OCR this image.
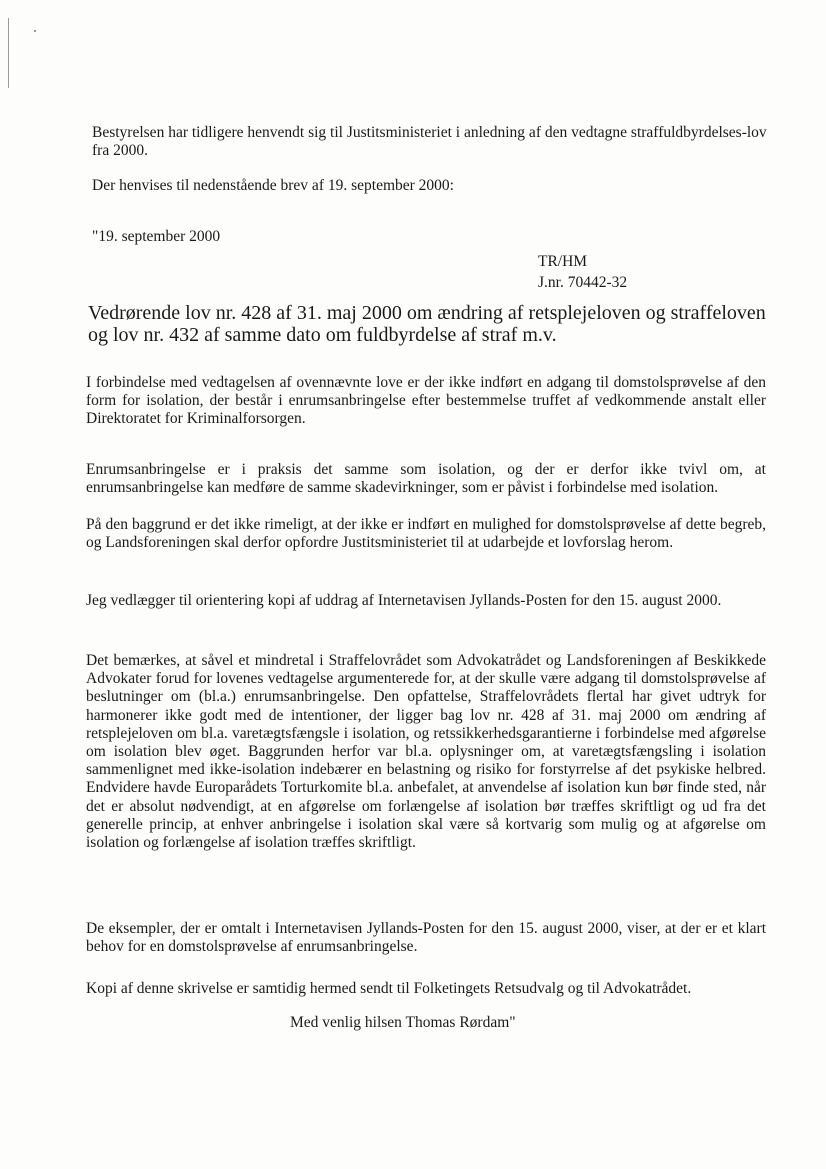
Bestyrelsen har tidligere henvendt sig til Justitsministeriet i anledning af den vedtagne straffuldbyrdelses-lov fra 2000.

Der henvises til nedenstående brev af 19. september 2000:

"19. september 2000

TR/HM

J.nr. 70442-32

Vedrørende lov nr. 428 af 31. maj 2000 om ændring af retsplejeloven og straffeloven og lov nr. 432 af samme dato om fuldbyrdelse af straf m.v.

I forbindelse med vedtagelsen af ovennævnte love er der ikke indført en adgang til domstolsprøvelse af den form for isolation, der består i enrumsanbringelse efter bestemmelse truffet af vedkommende anstalt eller Direktoratet for Kriminalforsorgen.

Enrumsanbringelse er i praksis det samme som isolation, og der er derfor ikke tvivl om, at enrumsanbringelse kan medføre de samme skadevirkninger, som er påvist i forbindelse med isolation.

På den baggrund er det ikke rimeligt, at der ikke er indført en mulighed for domstolsprøvelse af dette begreb, og Landsforeningen skal derfor opfordre Justitsministeriet til at udarbejde et lovforslag herom.

Jeg vedlægger til orientering kopi af uddrag af Internetavisen Jyllands-Posten for den 15. august 2000.

Det bemærkes, at såvel et mindretal i Straffelovrådet som Advokatrådet og Landsforeningen af Beskikkede Advokater forud for lovenes vedtagelse argumenterede for, at der skulle være adgang til domstolsprøvelse af beslutninger om (bl.a.) enrumsanbringelse. Den opfattelse, Straffelovrådets flertal har givet udtryk for harmonerer ikke godt med de intentioner, der ligger bag lov nr. 428 af 31. maj 2000 om ændring af retsplejeloven om bl.a. varetægtsfængsle i isolation, og retssikkerhedsgarantierne i forbindelse med afgørelse om isolation blev øget. Baggrunden herfor var bl.a. oplysninger om, at varetægtsfængsling i isolation sammenlignet med ikke-isolation indebærer en belastning og risiko for forstyrrelse af det psykiske helbred. Endvidere havde Europarådets Torturkomite bl.a. anbefalet, at anvendelse af isolation kun bør finde sted, når det er absolut nødvendigt, at en afgørelse om forlængelse af isolation bør træffes skriftligt og ud fra det generelle princip, at enhver anbringelse i isolation skal være så kortvarig som mulig og at afgørelse om isolation og forlængelse af isolation træffes skriftligt.

De eksempler, der er omtalt i Internetavisen Jyllands-Posten for den 15. august 2000, viser, at der er et klart behov for en domstolsprøvelse af enrumsanbringelse.

Kopi af denne skrivelse er samtidig hermed sendt til Folketingets Retsudvalg og til Advokatrådet.

Med venlig hilsen Thomas Rørdam"
